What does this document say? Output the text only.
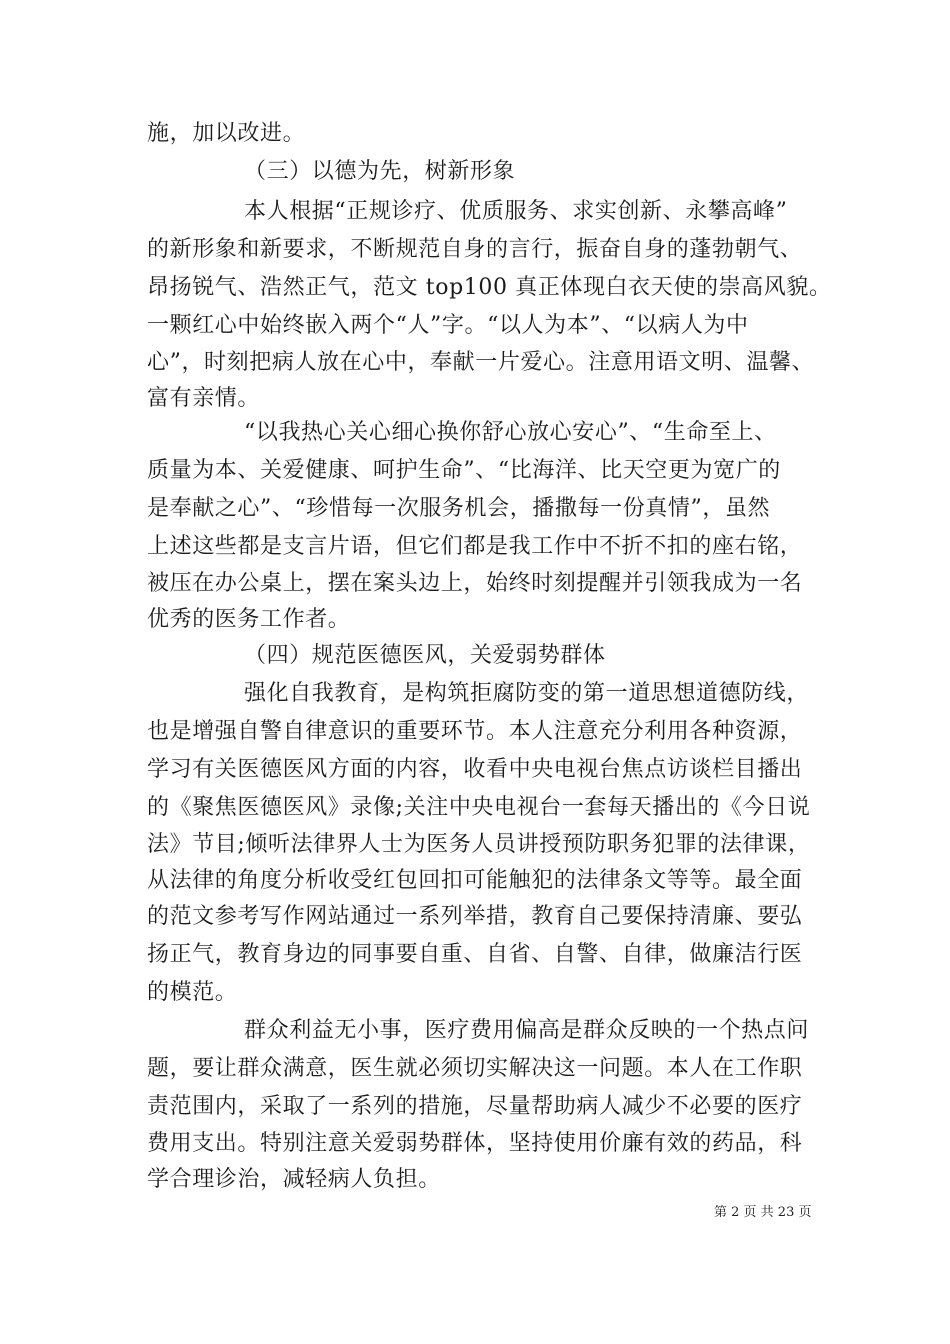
施，加以改进。
（三）以德为先，树新形象
本人根据“正规诊疗、优质服务、求实创新、永攀高峰”
的新形象和新要求，不断规范自身的言行，振奋自身的蓬勃朝气、
昂扬锐气、浩然正气，范文 top100 真正体现白衣天使的崇高风貌。
一颗红心中始终嵌入两个“人”字。“以人为本”、“以病人为中
心”，时刻把病人放在心中，奉献一片爱心。注意用语文明、温馨、
富有亲情。
“以我热心关心细心换你舒心放心安心”、“生命至上、
质量为本、关爱健康、呵护生命”、“比海洋、比天空更为宽广的
是奉献之心”、“珍惜每一次服务机会，播撒每一份真情”，虽然
上述这些都是支言片语，但它们都是我工作中不折不扣的座右铭，
被压在办公桌上，摆在案头边上，始终时刻提醒并引领我成为一名
优秀的医务工作者。
（四）规范医德医风，关爱弱势群体
强化自我教育，是构筑拒腐防变的第一道思想道德防线，
也是增强自警自律意识的重要环节。本人注意充分利用各种资源，
学习有关医德医风方面的内容，收看中央电视台焦点访谈栏目播出
的《聚焦医德医风》录像;关注中央电视台一套每天播出的《今日说
法》节目;倾听法律界人士为医务人员讲授预防职务犯罪的法律课，
从法律的角度分析收受红包回扣可能触犯的法律条文等等。最全面
的范文参考写作网站通过一系列举措，教育自己要保持清廉、要弘
扬正气，教育身边的同事要自重、自省、自警、自律，做廉洁行医
的模范。
群众利益无小事，医疗费用偏高是群众反映的一个热点问
题，要让群众满意，医生就必须切实解决这一问题。本人在工作职
责范围内，采取了一系列的措施，尽量帮助病人减少不必要的医疗
费用支出。特别注意关爱弱势群体，坚持使用价廉有效的药品，科
学合理诊治，减轻病人负担。
第 2 页 共 23 页
